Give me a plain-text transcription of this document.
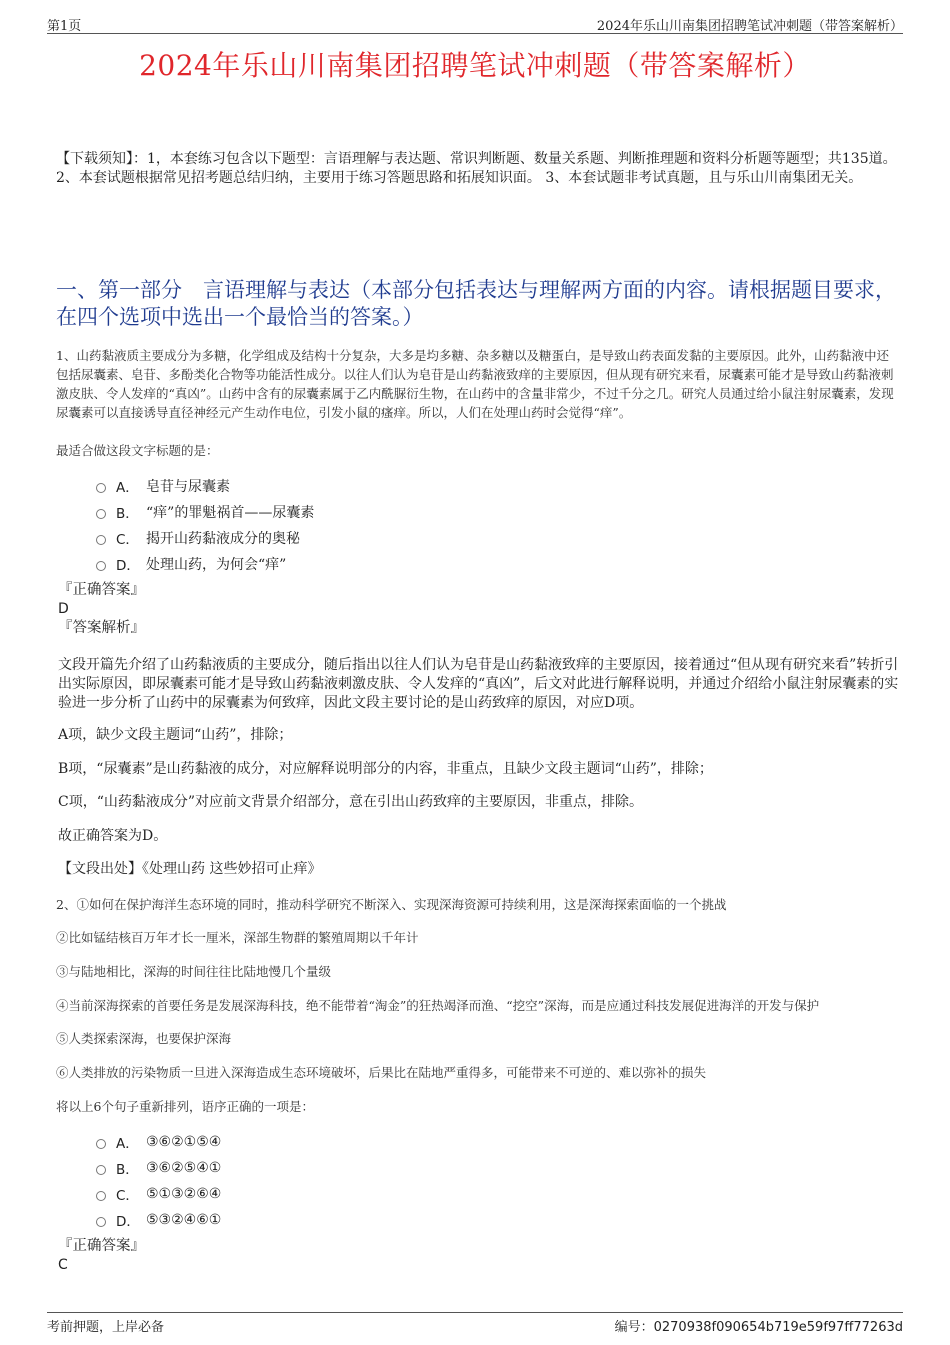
第1页	2024年乐山川南集团招聘笔试冲刺题（带答案解析）
2024年乐山川南集团招聘笔试冲刺题（带答案解析）
【下载须知】：1，本套练习包含以下题型：言语理解与表达题、常识判断题、数量关系题、判断推理题和资料分析题等题型；共135道。 2、本套试题根据常见招考题总结归纳，主要用于练习答题思路和拓展知识面。 3、本套试题非考试真题，且与乐山川南集团无关。
一、第一部分　言语理解与表达（本部分包括表达与理解两方面的内容。请根据题目要求，在四个选项中选出一个最恰当的答案。）
1、山药黏液质主要成分为多糖，化学组成及结构十分复杂，大多是均多糖、杂多糖以及糖蛋白，是导致山药表面发黏的主要原因。此外，山药黏液中还包括尿囊素、皂苷、多酚类化合物等功能活性成分。以往人们认为皂苷是山药黏液致痒的主要原因，但从现有研究来看，尿囊素可能才是导致山药黏液刺激皮肤、令人发痒的“真凶”。山药中含有的尿囊素属于乙内酰脲衍生物，在山药中的含量非常少，不过千分之几。研究人员通过给小鼠注射尿囊素，发现尿囊素可以直接诱导直径神经元产生动作电位，引发小鼠的瘙痒。所以，人们在处理山药时会觉得“痒”。
最适合做这段文字标题的是：
A． 皂苷与尿囊素
B． “痒”的罪魁祸首——尿囊素
C． 揭开山药黏液成分的奥秘
D． 处理山药，为何会“痒”
『正确答案』
D
『答案解析』
文段开篇先介绍了山药黏液质的主要成分，随后指出以往人们认为皂苷是山药黏液致痒的主要原因，接着通过“但从现有研究来看”转折引出实际原因，即尿囊素可能才是导致山药黏液刺激皮肤、令人发痒的“真凶”，后文对此进行解释说明，并通过介绍给小鼠注射尿囊素的实验进一步分析了山药中的尿囊素为何致痒，因此文段主要讨论的是山药致痒的原因，对应D项。
A项，缺少文段主题词“山药”，排除；
B项，“尿囊素”是山药黏液的成分，对应解释说明部分的内容，非重点，且缺少文段主题词“山药”，排除；
C项，“山药黏液成分”对应前文背景介绍部分，意在引出山药致痒的主要原因，非重点，排除。
故正确答案为D。
【文段出处】《处理山药 这些妙招可止痒》
2、①如何在保护海洋生态环境的同时，推动科学研究不断深入、实现深海资源可持续利用，这是深海探索面临的一个挑战
②比如锰结核百万年才长一厘米，深部生物群的繁殖周期以千年计
③与陆地相比，深海的时间往往比陆地慢几个量级
④当前深海探索的首要任务是发展深海科技，绝不能带着“淘金”的狂热竭泽而渔、“挖空”深海，而是应通过科技发展促进海洋的开发与保护
⑤人类探索深海，也要保护深海
⑥人类排放的污染物质一旦进入深海造成生态环境破坏，后果比在陆地严重得多，可能带来不可逆的、难以弥补的损失
将以上6个句子重新排列，语序正确的一项是：
A． ③⑥②①⑤④
B． ③⑥②⑤④①
C． ⑤①③②⑥④
D． ⑤③②④⑥①
『正确答案』
C
考前押题，上岸必备	编号：0270938f090654b719e59f97ff77263d
